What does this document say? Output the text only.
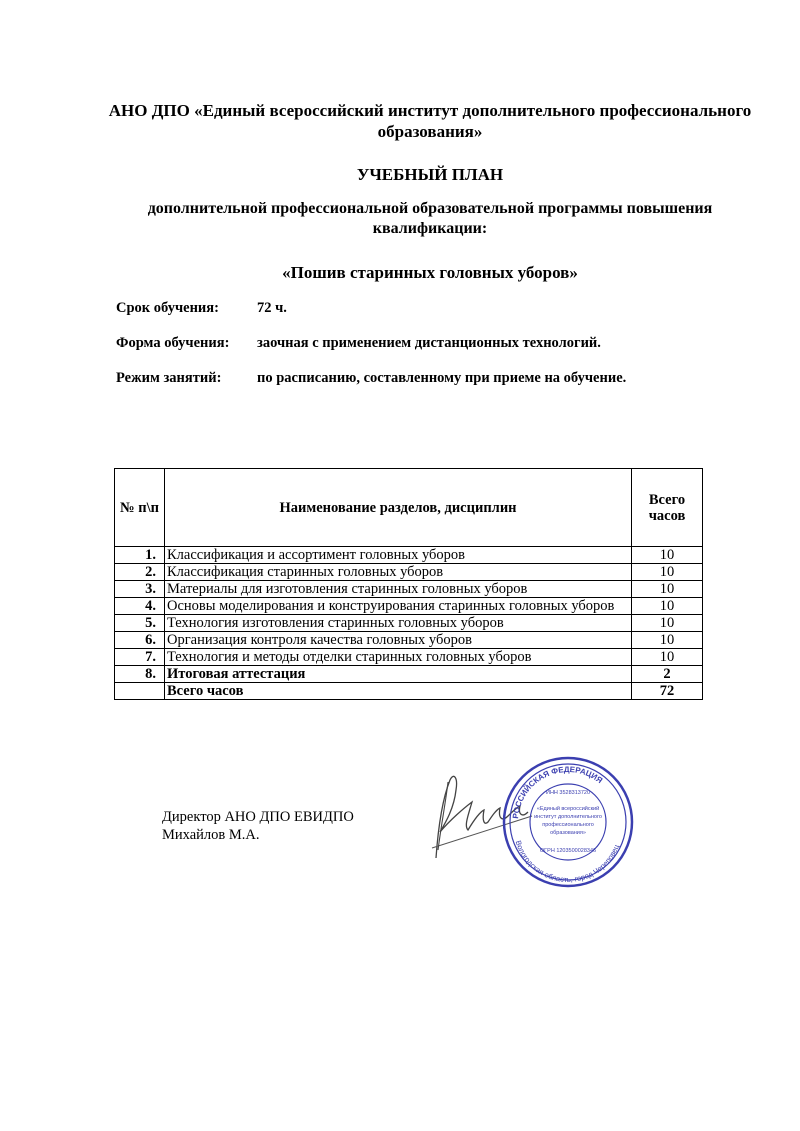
АНО ДПО «Единый всероссийский институт дополнительного профессионального образования»
УЧЕБНЫЙ ПЛАН
дополнительной профессиональной образовательной программы повышения квалификации:
«Пошив старинных головных уборов»
Срок обучения:	72 ч.
Форма обучения: заочная с применением дистанционных технологий.
Режим занятий: по расписанию, составленному при приеме на обучение.
№ п\п	Наименование разделов, дисциплин	Всего часов
1.	Классификация и ассортимент головных уборов	10
2.	Классификация старинных головных уборов	10
3.	Материалы для изготовления старинных головных уборов	10
4.	Основы моделирования и конструирования старинных головных уборов	10
5.	Технология изготовления старинных головных уборов	10
6.	Организация контроля качества головных уборов	10
7.	Технология и методы отделки старинных головных уборов	10
8.	Итоговая аттестация	2
	Всего часов	72
Директор АНО ДПО ЕВИДПО
Михайлов М.А.
РОССИЙСКАЯ ФЕДЕРАЦИЯ
Вологодская область, город Череповец
ИНН 3528313720
«Единый всероссийский
институт дополнительного
профессионального
образования»
ОГРН 1203500028346
